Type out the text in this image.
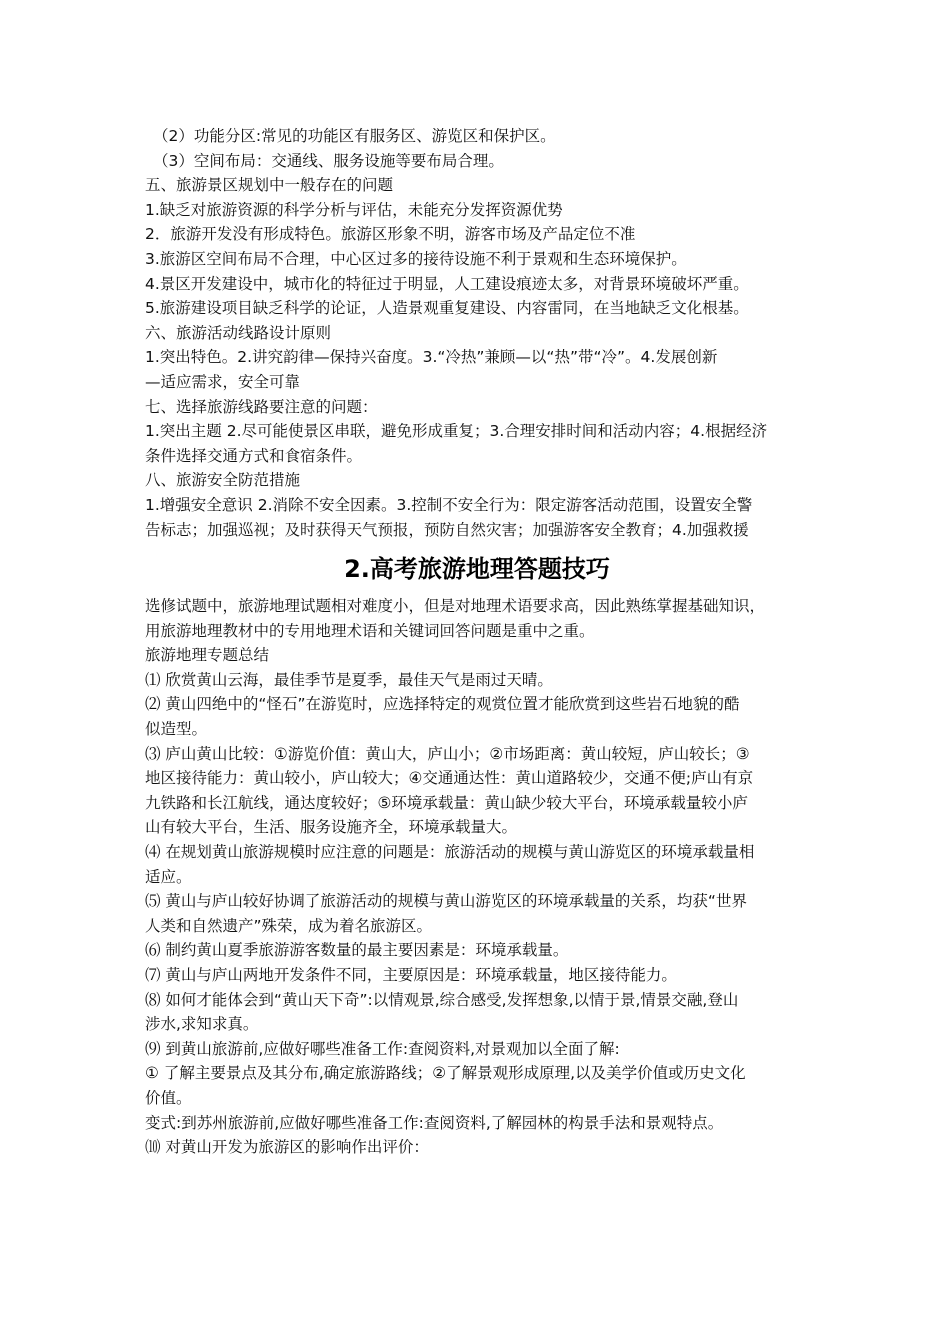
（2）功能分区:常见的功能区有服务区、游览区和保护区。

（3）空间布局：交通线、服务设施等要布局合理。

五、旅游景区规划中一般存在的问题

1.缺乏对旅游资源的科学分析与评估，未能充分发挥资源优势

2．旅游开发没有形成特色。旅游区形象不明，游客市场及产品定位不准

3.旅游区空间布局不合理，中心区过多的接待设施不利于景观和生态环境保护。

4.景区开发建设中，城市化的特征过于明显，人工建设痕迹太多，对背景环境破坏严重。

5.旅游建设项目缺乏科学的论证，人造景观重复建设、内容雷同，在当地缺乏文化根基。

六、旅游活动线路设计原则

1.突出特色。2.讲究韵律—保持兴奋度。3.“冷热”兼顾—以“热”带“冷”。4.发展创新

—适应需求，安全可靠

七、选择旅游线路要注意的问题：

1.突出主题 2.尽可能使景区串联，避免形成重复；3.合理安排时间和活动内容；4.根据经济

条件选择交通方式和食宿条件。

八、旅游安全防范措施

1.增强安全意识 2.消除不安全因素。3.控制不安全行为：限定游客活动范围，设置安全警

告标志；加强巡视；及时获得天气预报，预防自然灾害；加强游客安全教育；4.加强救援

2.高考旅游地理答题技巧

选修试题中，旅游地理试题相对难度小，但是对地理术语要求高，因此熟练掌握基础知识，

用旅游地理教材中的专用地理术语和关键词回答问题是重中之重。

旅游地理专题总结

⑴ 欣赏黄山云海，最佳季节是夏季，最佳天气是雨过天晴。

⑵ 黄山四绝中的“怪石”在游览时，应选择特定的观赏位置才能欣赏到这些岩石地貌的酷

似造型。

⑶ 庐山黄山比较：①游览价值：黄山大，庐山小；②市场距离：黄山较短，庐山较长；③

地区接待能力：黄山较小，庐山较大；④交通通达性：黄山道路较少，交通不便;庐山有京

九铁路和长江航线，通达度较好；⑤环境承载量：黄山缺少较大平台，环境承载量较小庐

山有较大平台，生活、服务设施齐全，环境承载量大。

⑷ 在规划黄山旅游规模时应注意的问题是：旅游活动的规模与黄山游览区的环境承载量相

适应。

⑸ 黄山与庐山较好协调了旅游活动的规模与黄山游览区的环境承载量的关系，均获“世界

人类和自然遗产”殊荣，成为着名旅游区。

⑹ 制约黄山夏季旅游游客数量的最主要因素是：环境承载量。

⑺ 黄山与庐山两地开发条件不同，主要原因是：环境承载量，地区接待能力。

⑻ 如何才能体会到“黄山天下奇”:以情观景,综合感受,发挥想象,以情于景,情景交融,登山

涉水,求知求真。

⑼ 到黄山旅游前,应做好哪些准备工作:查阅资料,对景观加以全面了解:

① 了解主要景点及其分布,确定旅游路线；②了解景观形成原理,以及美学价值或历史文化

价值。

变式:到苏州旅游前,应做好哪些准备工作:查阅资料,了解园林的构景手法和景观特点。

⑽ 对黄山开发为旅游区的影响作出评价：
